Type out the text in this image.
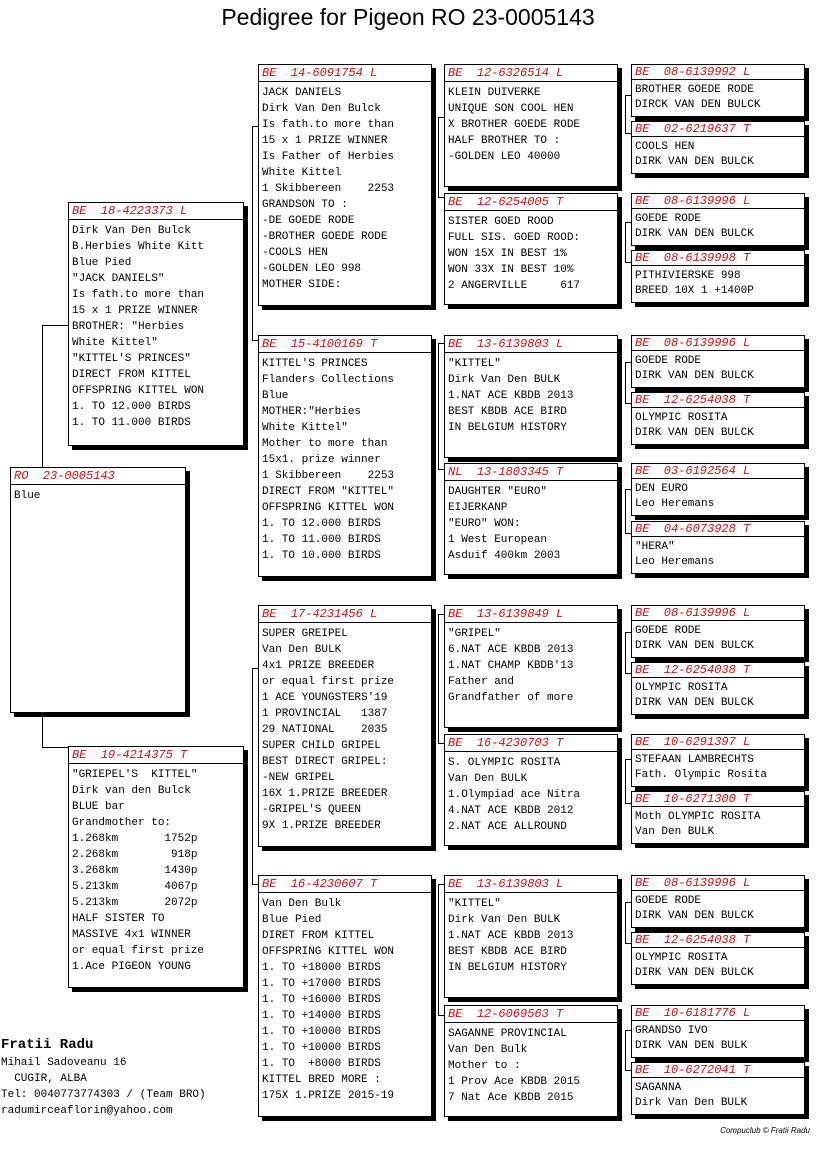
Pedigree for Pigeon RO 23-0005143
RO  23-0005143
Blue
BE  18-4223373 L
Dirk Van Den Bulck
B.Herbies White Kitt
Blue Pied
"JACK DANIELS"
Is fath.to more than
15 x 1 PRIZE WINNER
BROTHER: "Herbies
White Kittel"
"KITTEL'S PRINCES"
DIRECT FROM KITTEL
OFFSPRING KITTEL WON
1. TO 12.000 BIRDS
1. TO 11.000 BIRDS
BE  19-4214375 T
"GRIEPEL'S  KITTEL"
Dirk van den Bulck
BLUE bar
Grandmother to:
1.268km       1752p
2.268km        918p
3.268km       1430p
5.213km       4067p
5.213km       2072p
HALF SISTER TO
MASSIVE 4x1 WINNER
or equal first prize
1.Ace PIGEON YOUNG
BE  14-6091754 L
JACK DANIELS
Dirk Van Den Bulck
Is fath.to more than
15 x 1 PRIZE WINNER
Is Father of Herbies
White Kittel
1 Skibbereen    2253
GRANDSON TO :
-DE GOEDE RODE
-BROTHER GOEDE RODE
-COOLS HEN
-GOLDEN LEO 998
MOTHER SIDE:
BE  15-4100169 T
KITTEL'S PRINCES
Flanders Collections
Blue
MOTHER:"Herbies
White Kittel"
Mother to more than
15x1. prize winner
1 Skibbereen    2253
DIRECT FROM "KITTEL"
OFFSPRING KITTEL WON
1. TO 12.000 BIRDS
1. TO 11.000 BIRDS
1. TO 10.000 BIRDS
BE  17-4231456 L
SUPER GREIPEL
Van Den BULK
4x1 PRIZE BREEDER
or equal first prize
1 ACE YOUNGSTERS'19
1 PROVINCIAL   1387
29 NATIONAL    2035
SUPER CHILD GRIPEL
BEST DIRECT GRIPEL:
-NEW GRIPEL
16X 1.PRIZE BREEDER
-GRIPEL'S QUEEN
9X 1.PRIZE BREEDER
BE  16-4230607 T
Van Den Bulk
Blue Pied
DIRET FROM KITTEL
OFFSPRING KITTEL WON
1. TO +18000 BIRDS
1. TO +17000 BIRDS
1. TO +16000 BIRDS
1. TO +14000 BIRDS
1. TO +10000 BIRDS
1. TO +10000 BIRDS
1. TO  +8000 BIRDS
KITTEL BRED MORE :
175X 1.PRIZE 2015-19
BE  12-6326514 L
KLEIN DUIVERKE
UNIQUE SON COOL HEN
X BROTHER GOEDE RODE
HALF BROTHER TO :
-GOLDEN LEO 40000
BE  12-6254005 T
SISTER GOED ROOD
FULL SIS. GOED ROOD:
WON 15X IN BEST 1%
WON 33X IN BEST 10%
2 ANGERVILLE     617
BE  13-6139803 L
"KITTEL"
Dirk Van Den BULK
1.NAT ACE KBDB 2013
BEST KBDB ACE BIRD
IN BELGIUM HISTORY
NL  13-1803345 T
DAUGHTER "EURO"
EIJERKANP
"EURO" WON:
1 West European
Asduif 400km 2003
BE  13-6139849 L
"GRIPEL"
6.NAT ACE KBDB 2013
1.NAT CHAMP KBDB'13
Father and
Grandfather of more
BE  16-4230703 T
S. OLYMPIC ROSITA
Van Den BULK
1.Olympiad ace Nitra
4.NAT ACE KBDB 2012
2.NAT ACE ALLROUND
BE  13-6139803 L
"KITTEL"
Dirk Van Den BULK
1.NAT ACE KBDB 2013
BEST KBDB ACE BIRD
IN BELGIUM HISTORY
BE  12-6069563 T
SAGANNE PROVINCIAL
Van Den Bulk
Mother to :
1 Prov Ace KBDB 2015
7 Nat Ace KBDB 2015
BE  08-6139992 L
BROTHER GOEDE RODE
DIRCK VAN DEN BULCK
BE  02-6219637 T
COOLS HEN
DIRK VAN DEN BULCK
BE  08-6139996 L
GOEDE RODE
DIRK VAN DEN BULCK
BE  08-6139998 T
PITHIVIERSKE 998
BREED 10X 1 +1400P
BE  08-6139996 L
GOEDE RODE
DIRK VAN DEN BULCK
BE  12-6254038 T
OLYMPIC ROSITA
DIRK VAN DEN BULCK
BE  03-6192564 L
DEN EURO
Leo Heremans
BE  04-6073928 T
"HERA"
Leo Heremans
BE  08-6139996 L
GOEDE RODE
DIRK VAN DEN BULCK
BE  12-6254038 T
OLYMPIC ROSITA
DIRK VAN DEN BULCK
BE  10-6291397 L
STEFAAN LAMBRECHTS
Fath. Olympic Rosita
BE  10-6271300 T
Moth OLYMPIC ROSITA
Van Den BULK
BE  08-6139996 L
GOEDE RODE
DIRK VAN DEN BULCK
BE  12-6254038 T
OLYMPIC ROSITA
DIRK VAN DEN BULCK
BE  10-6181776 L
GRANDSO IVO
DIRK VAN DEN BULK
BE  10-6272041 T
SAGANNA
Dirk Van Den BULK
Fratii Radu
Mihail Sadoveanu 16
CUGIR, ALBA
Tel: 0040773774303 / (Team BRO)
radumirceaflorin@yahoo.com
Compuclub © Fratii Radu
